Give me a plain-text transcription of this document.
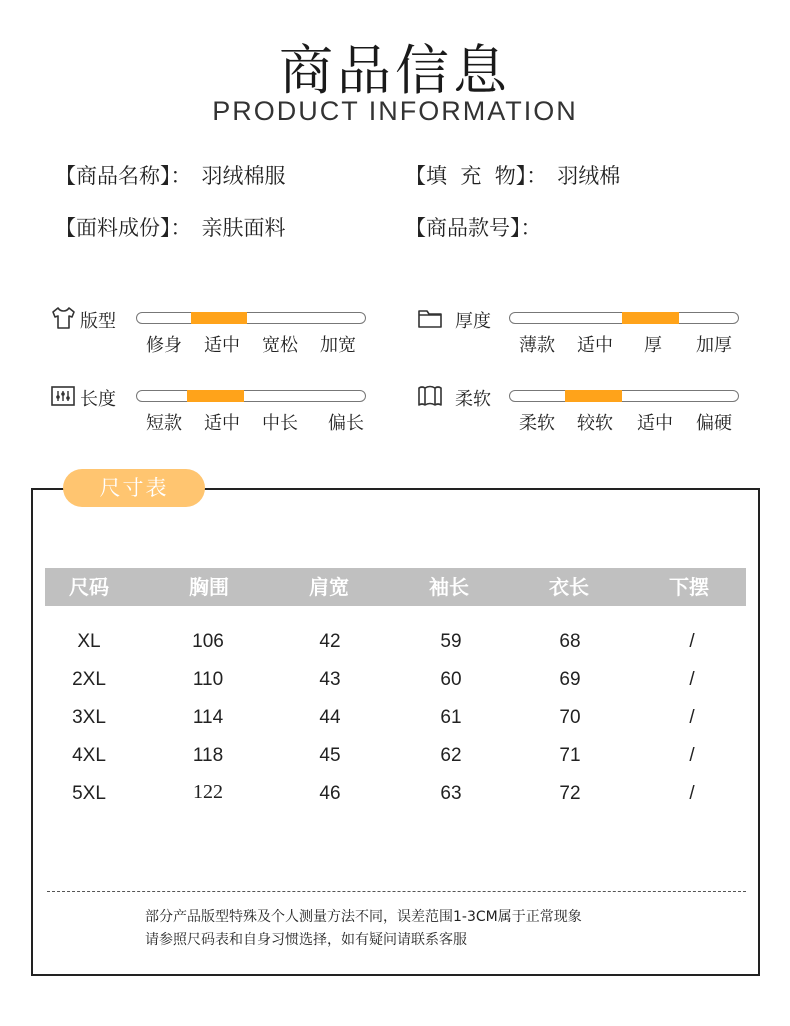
商品信息
PRODUCT INFORMATION
【商品名称】： 羽绒棉服	【填  充  物】： 羽绒棉
【面料成份】： 亲肤面料	【商品款号】：
版型
修身	适中	宽松	加宽
厚度
薄款	适中	厚	加厚
长度
短款	适中	中长	偏长
柔软
柔软	较软	适中	偏硬
尺寸表
尺码	胸围	肩宽	袖长	衣长	下摆
XL	106	42	59	68	/
2XL	110	43	60	69	/
3XL	114	44	61	70	/
4XL	118	45	62	71	/
5XL	122	46	63	72	/
部分产品版型特殊及个人测量方法不同，误差范围1-3CM属于正常现象
请参照尺码表和自身习惯选择，如有疑问请联系客服
